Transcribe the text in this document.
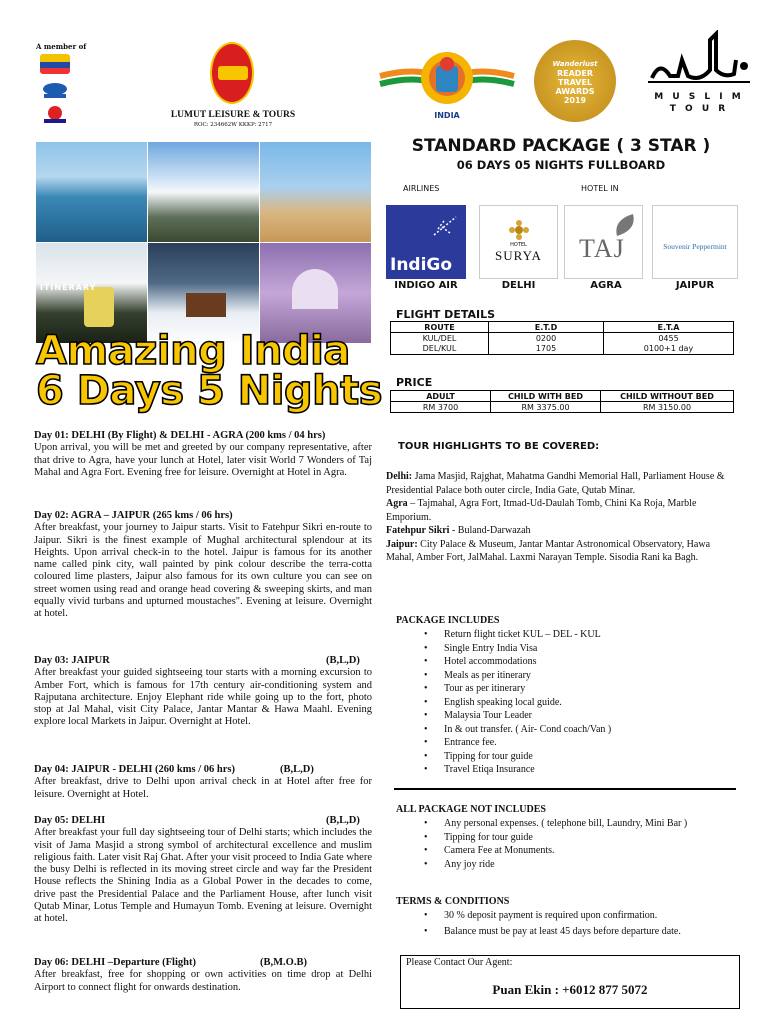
A member of
LUMUT LEISURE & TOURS
ROC: 234662W KKKP: 2717
INDIA
Wanderlust
READER
TRAVEL
AWARDS
2019	M U S L I M
T O U R
ITINERARY
Amazing India
6 Days 5 Nights
STANDARD PACKAGE ( 3 STAR )
06 DAYS 05 NIGHTS FULLBOARD
AIRLINES	HOTEL IN
IndiGo
HOTEL
SURYA	TAJ	Souvenir Peppermint
INDIGO AIR	DELHI	AGRA	JAIPUR
FLIGHT DETAILS
ROUTE	E.T.D	E.T.A
KUL/DEL	0200	0455
DEL/KUL	1705	0100+1 day
PRICE
ADULT	CHILD WITH BED	CHILD WITHOUT BED
RM 3700	RM 3375.00	RM 3150.00
Day 01: DELHI (By Flight) & DELHI - AGRA (200 kms / 04 hrs)
Upon arrival, you will be met and greeted by our company representative, after that drive to Agra, have your lunch at Hotel, later visit World 7 Wonders of Taj Mahal and Agra Fort. Evening free for leisure. Overnight at Hotel in Agra.
Day 02: AGRA – JAIPUR (265 kms / 06 hrs)
After breakfast, your journey to Jaipur starts. Visit to Fatehpur Sikri en-route to Jaipur. Sikri is the finest example of Mughal architectural splendour at its Heights. Upon arrival check-in to the hotel. Jaipur is famous for its another name called pink city, wall painted by pink colour describe the terra-cotta coloured lime plasters, Jaipur also famous for its own culture you can see on street women using read and orange head covering & sweeping skirts, and man equally vivid turbans and upturned moustaches". Evening at leisure. Overnight at hotel.
Day 03: JAIPUR	(B,L,D)

After breakfast your guided sightseeing tour starts with a morning excursion to Amber Fort, which is famous for 17th century air-conditioning system and Rajputana architecture. Enjoy Elephant ride while going up to the fort, photo stop at Jal Mahal, visit City Palace, Jantar Mantar & Hawa Maahl. Evening explore local Markets in Jaipur. Overnight at Hotel.
Day 04: JAIPUR - DELHI (260 kms / 06 hrs)	(B,L,D)

After breakfast, drive to Delhi upon arrival check in at Hotel after free for leisure. Overnight at Hotel.
Day 05: DELHI	(B,L,D)

After breakfast your full day sightseeing tour of Delhi starts; which includes the visit of Jama Masjid a strong symbol of architectural excellence and muslim religious faith. Later visit Raj Ghat. After your visit proceed to India Gate where the busy Delhi is reflected in its moving street circle and way far the President House reflects the Shining India as a Global Power in the decades to come, drive past the Presidential Palace and the Parliament House, after lunch visit Qutab Minar, Lotus Temple and Humayun Tomb. Evening at leisure. Overnight at hotel.
Day 06: DELHI –Departure (Flight)	(B,M.O.B)

After breakfast, free for shopping or own activities on time drop at Delhi Airport to connect flight for onwards destination.
TOUR HIGHLIGHTS TO BE COVERED:

Delhi: Jama Masjid, Rajghat, Mahatma Gandhi Memorial Hall, Parliament House & Presidential Palace both outer circle, India Gate, Qutab Minar.

Agra – Tajmahal, Agra Fort, Itmad-Ud-Daulah Tomb, Chini Ka Roja, Marble Emporium.

Fatehpur Sikri - Buland-Darwazah

Jaipur: City Palace & Museum, Jantar Mantar Astronomical Observatory, Hawa Mahal, Amber Fort, JalMahal. Laxmi Narayan Temple. Sisodia Rani ka Bagh.

PACKAGE INCLUDES
• Return flight ticket KUL – DEL - KUL
• Single Entry India Visa
• Hotel accommodations
• Meals as per itinerary
• Tour as per itinerary
• English speaking local guide.
• Malaysia Tour Leader
• In & out transfer. ( Air- Cond coach/Van )
• Entrance fee.
• Tipping for tour guide
• Travel Etiqa Insurance
ALL PACKAGE NOT INCLUDES
• Any personal expenses. ( telephone bill, Laundry, Mini Bar )
• Tipping for tour guide
• Camera Fee at Monuments.
• Any joy ride
TERMS & CONDITIONS
• 30 % deposit payment is required upon confirmation.
• Balance must be pay at least 45 days before departure date.
Please Contact Our Agent:
Puan Ekin : +6012 877 5072
